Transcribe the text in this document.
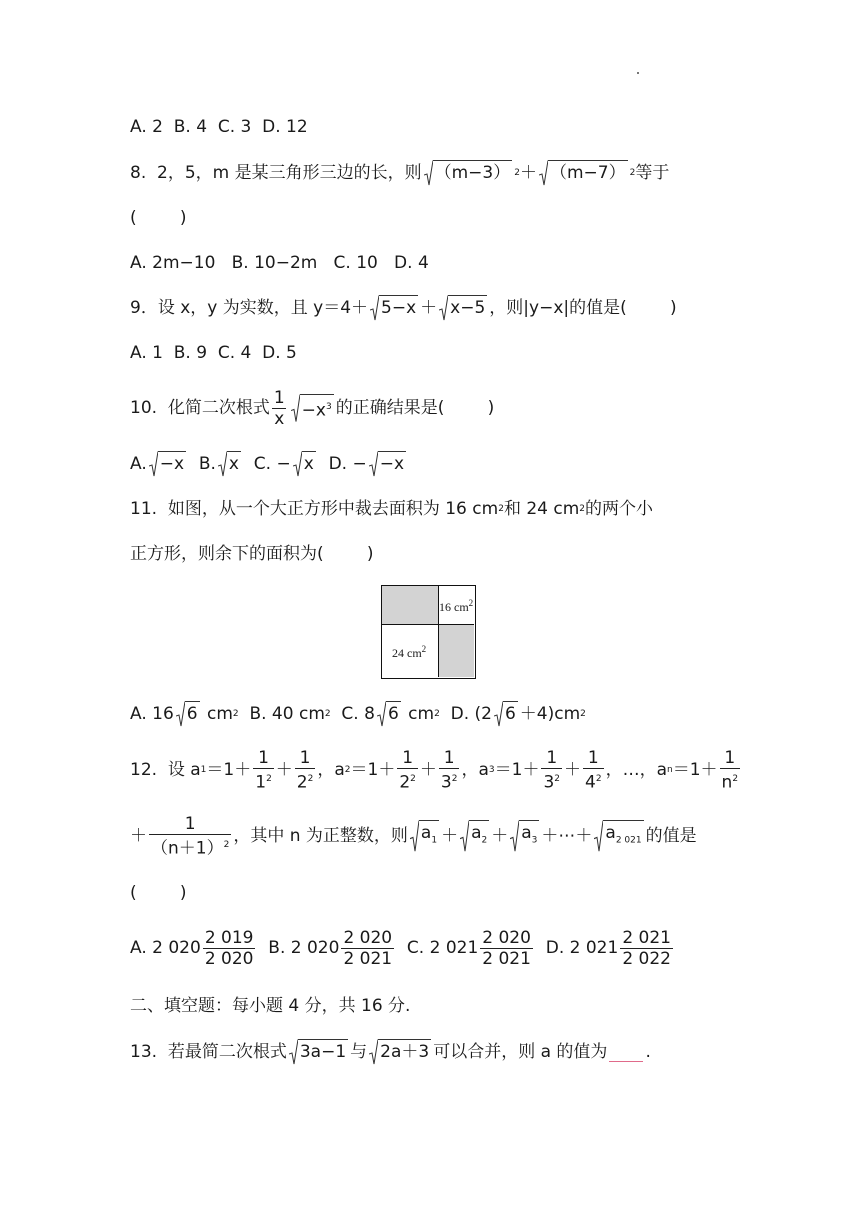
A. 2  B. 4  C. 3  D. 12
8.  2，5，m 是某三角形三边的长，则 （m−3） 2 ＋ （m−7） 2 等于
(        )
A. 2m−10   B. 10−2m   C. 10   D. 4
9．设 x，y 为实数，且 y＝4＋ 5−x ＋ x−5 ，则|y−x|的值是(        )
A. 1  B. 9  C. 4  D. 5
10.  化简二次根式 $\frac{1}{x} -x^3$ 的正确结果是(        )
A. −x B. x C. − x D. − −x
11.  如图，从一个大正方形中裁去面积为 16 cm 2 和 24 cm 2 的两个小
正方形，则余下的面积为(        )
16 $cm^2$
24 $cm^2$
A. 16 6 cm 2 B. 40 cm 2 C. 8 6 cm 2 D. (2 6 ＋4)cm 2
12.  设 a $1 =1+ \frac{1}{1^2} + \frac{1}{2^2}$ ，a $2 =1+ \frac{1}{2^2} + \frac{1}{3^2}$ ，a $3 =1+ \frac{1}{3^2} + \frac{1}{4^2}$ ，…，a $n =1+ \frac{1}{n^2}$
＋ $\frac{1}{(n+1)^2}$ ，其中 n 为正整数，则 $a_1 + a_2 + a_3$ ＋⋯＋ $a_{2 021}$ 的值是
(        )
A. 2 $020 \frac{2 019}{2 020} B$. 2 $020 \frac{2 020}{2 021} C$. 2 $021 \frac{2 020}{2 021} D$. 2 $021 \frac{2 021}{2 022}$
二、填空题：每小题 4 分，共 16 分.
13.  若最简二次根式 3a−1 与 2a＋3 可以合并，则 a 的值为 .
